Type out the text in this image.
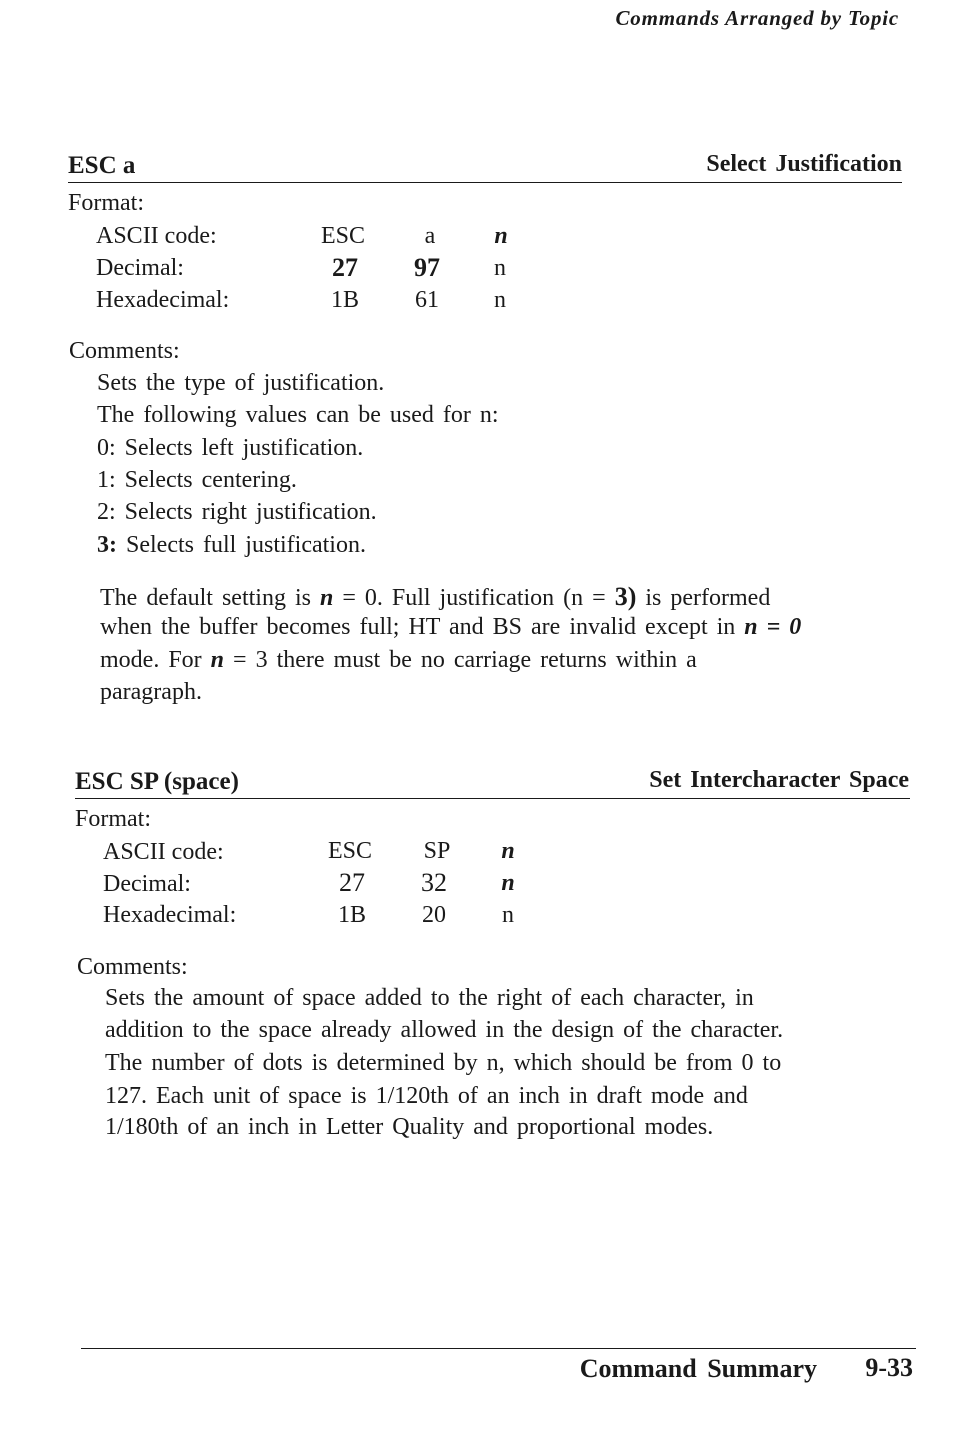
Commands Arranged by Topic
ESC a	Select Justification
Format:
ASCII code:	ESC a n
Decimal:	27 97 n
Hexadecimal:	1B 61 n
Comments:
Sets the type of justification.
The following values can be used for n:
0: Selects left justification.
1: Selects centering.
2: Selects right justification.
3: Selects full justification.
The default setting is n = 0. Full justification (n = 3) is performed
when the buffer becomes full; HT and BS are invalid except in n = 0
mode. For n = 3 there must be no carriage returns within a
paragraph.
ESC SP (space)	Set Intercharacter Space
Format:
ASCII code:	ESC SP n
Decimal:	27 32 n
Hexadecimal:	1B 20 n
Comments:
Sets the amount of space added to the right of each character, in
addition to the space already allowed in the design of the character.
The number of dots is determined by n, which should be from 0 to
127. Each unit of space is 1/120th of an inch in draft mode and
1/180th of an inch in Letter Quality and proportional modes.
Command Summary 9-33
